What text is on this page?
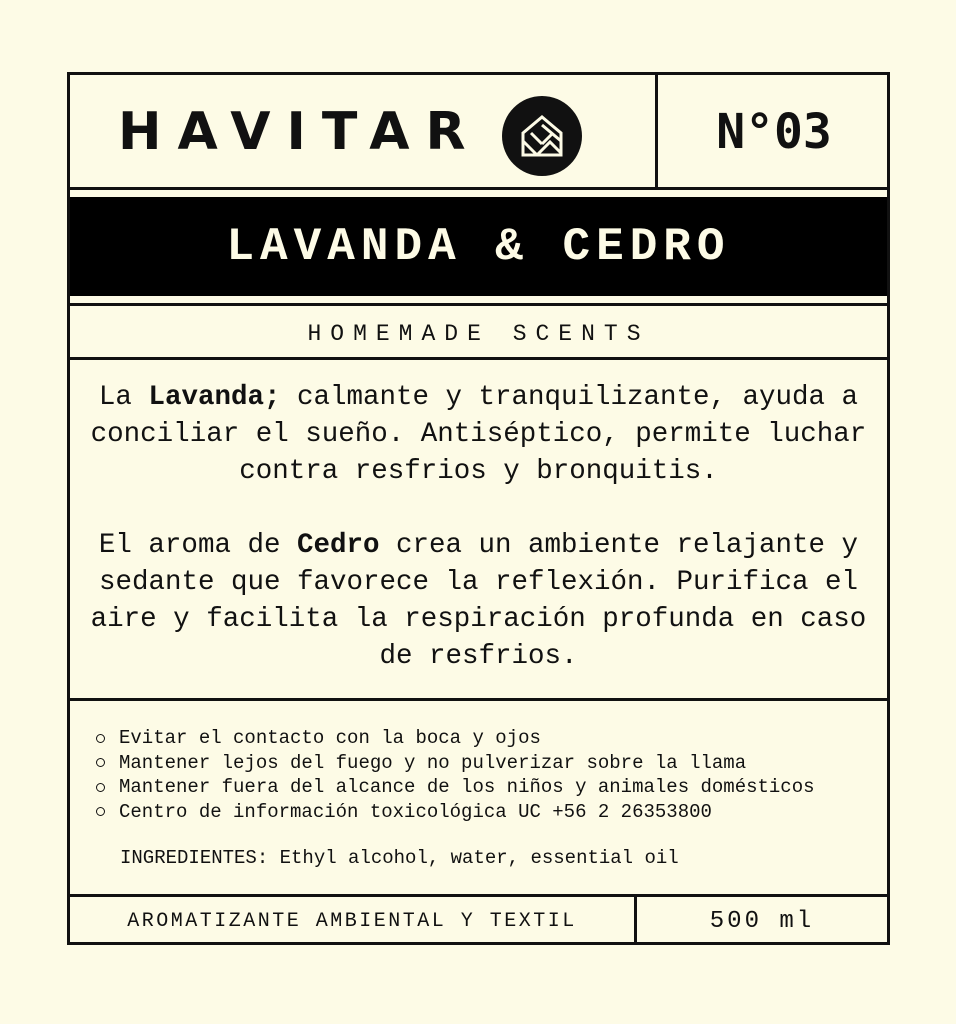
HAVITAR	N°03
LAVANDA & CEDRO
HOMEMADE SCENTS

La Lavanda; calmante y tranquilizante, ayuda a conciliar el sueño. Antiséptico, permite luchar contra resfrios y bronquitis.

El aroma de Cedro crea un ambiente relajante y sedante que favorece la reflexión. Purifica el aire y facilita la respiración profunda en caso de resfrios.

Evitar el contacto con la boca y ojos
Mantener lejos del fuego y no pulverizar sobre la llama
Mantener fuera del alcance de los niños y animales domésticos
Centro de información toxicológica UC +56 2 26353800
INGREDIENTES: Ethyl alcohol, water, essential oil
AROMATIZANTE AMBIENTAL Y TEXTIL	500 ml
